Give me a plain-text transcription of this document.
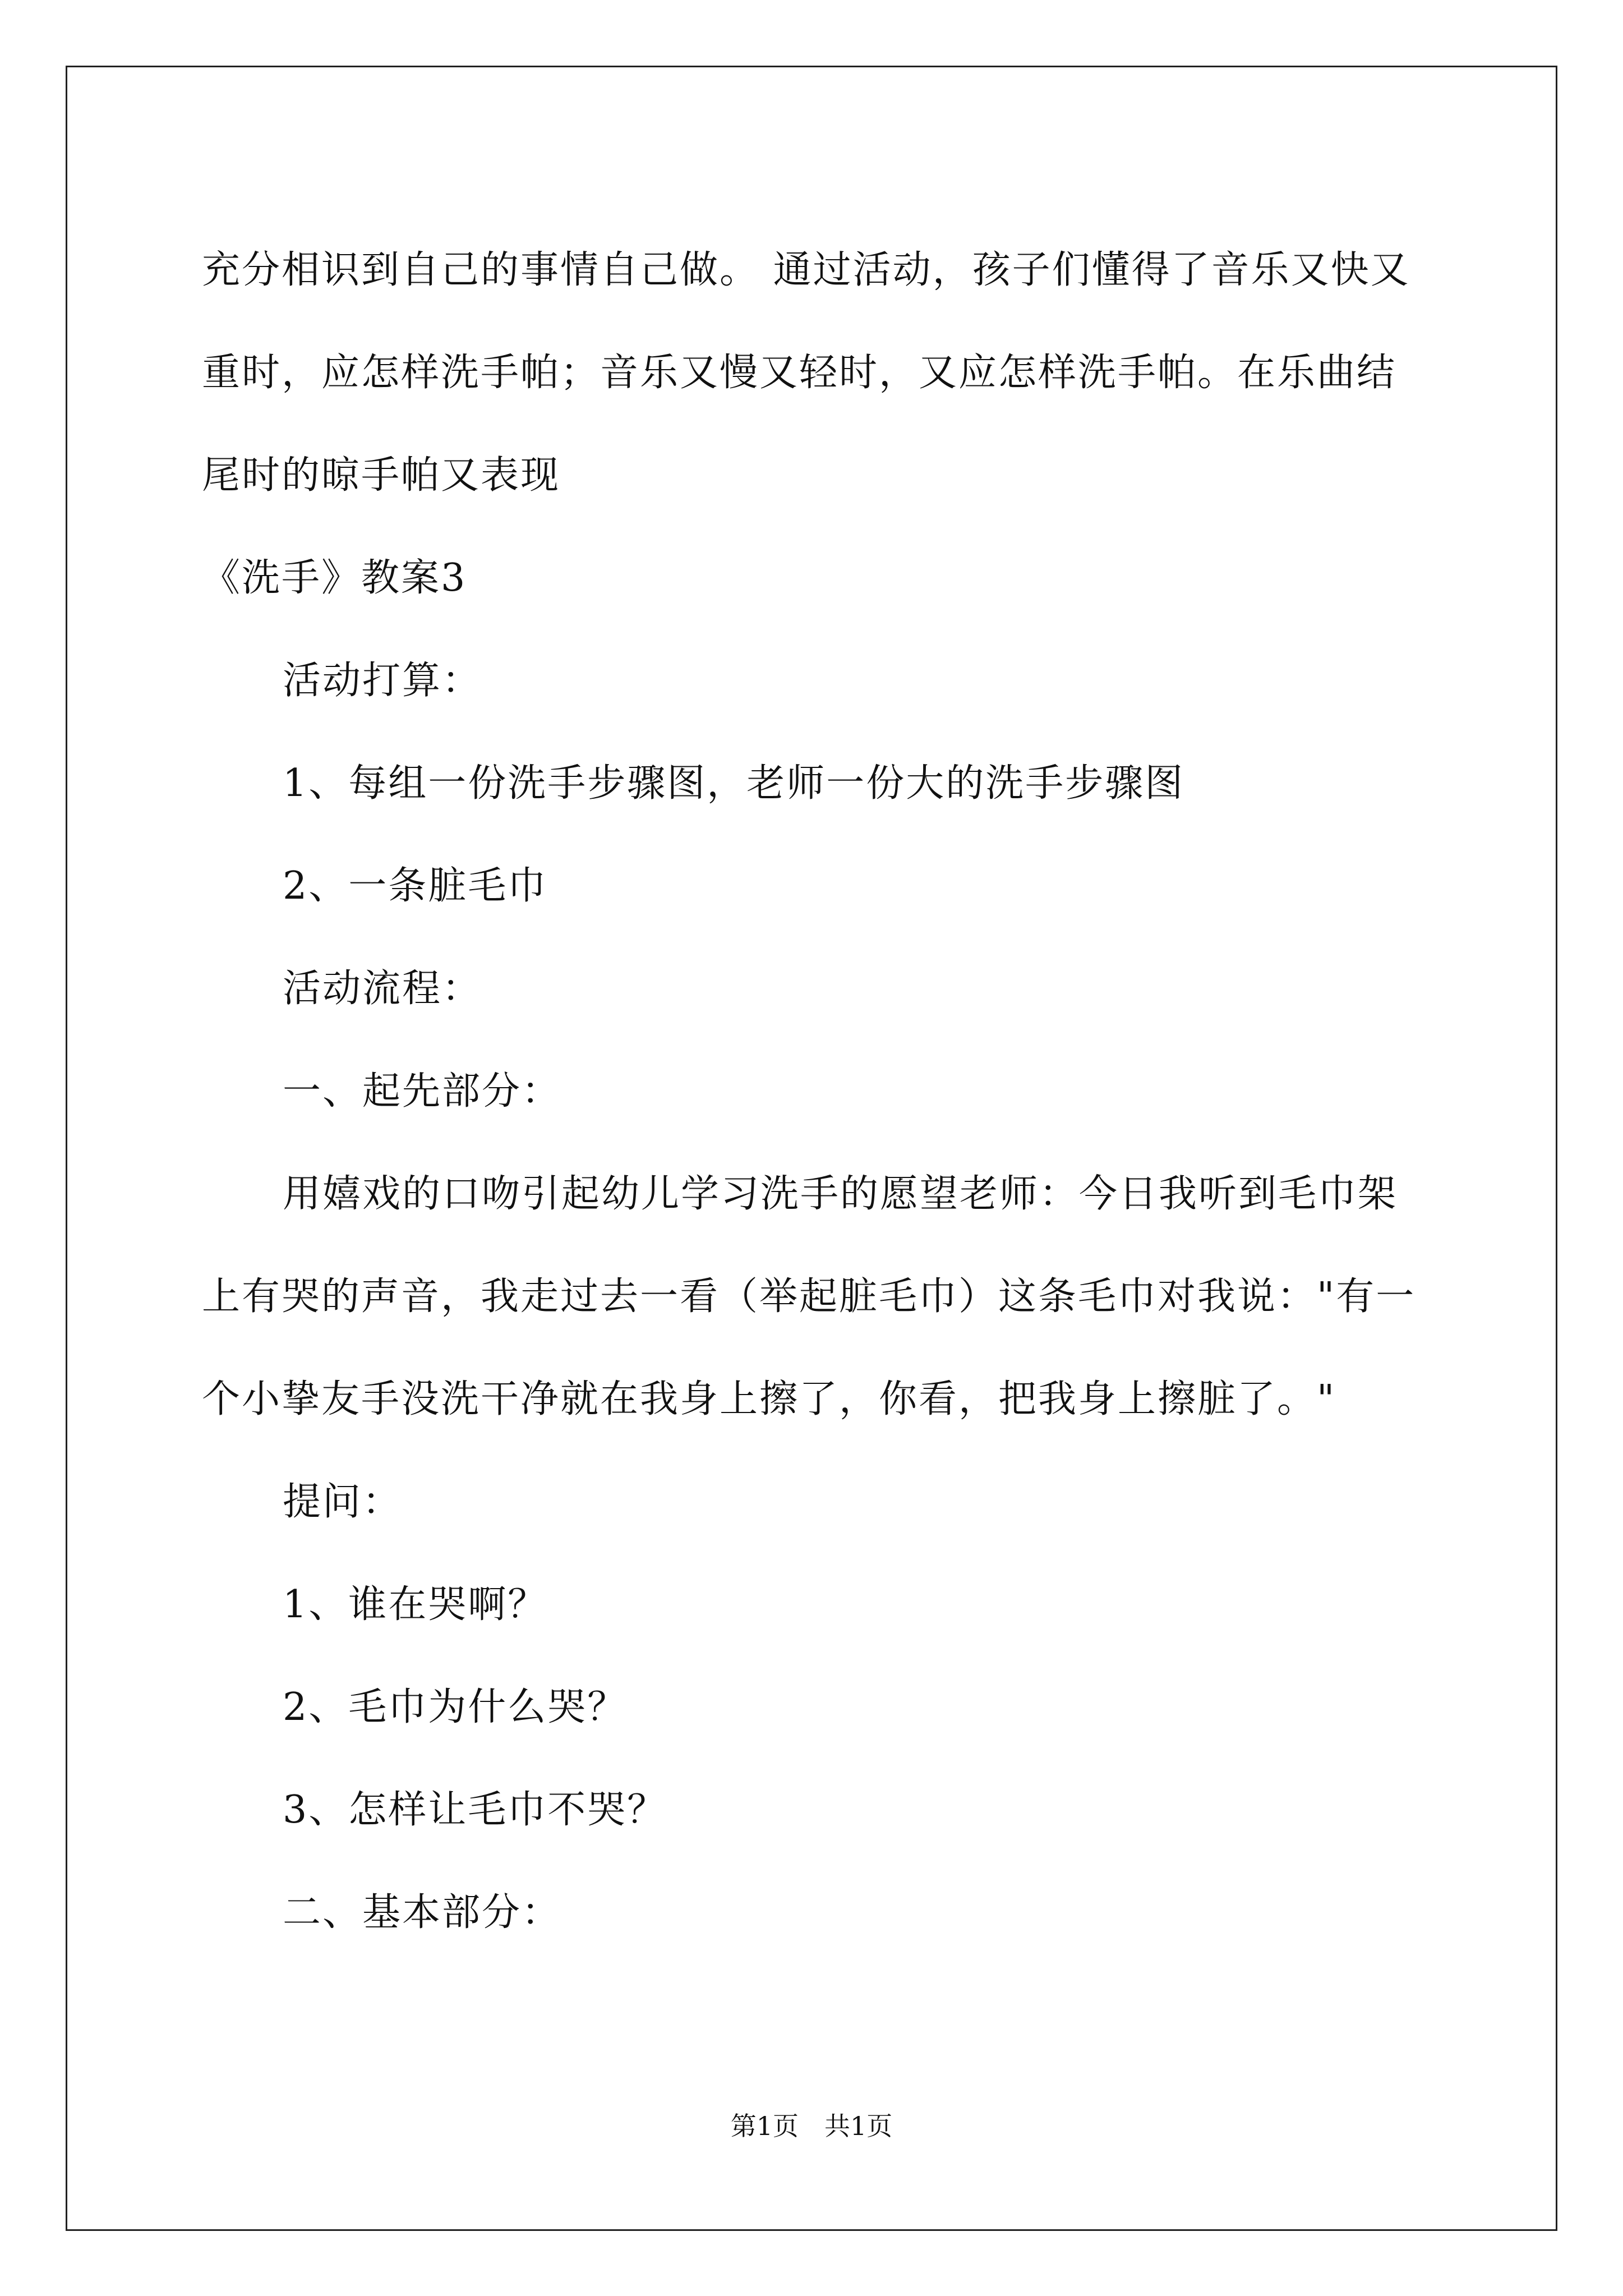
充分相识到自己的事情自己做。 通过活动，孩子们懂得了音乐又快又
重时，应怎样洗手帕；音乐又慢又轻时，又应怎样洗手帕。在乐曲结
尾时的晾手帕又表现
《洗手》教案3
活动打算：
1、每组一份洗手步骤图，老师一份大的洗手步骤图
2、一条脏毛巾
活动流程：
一、起先部分：
用嬉戏的口吻引起幼儿学习洗手的愿望老师：今日我听到毛巾架
上有哭的声音，我走过去一看（举起脏毛巾）这条毛巾对我说："有一
个小挚友手没洗干净就在我身上擦了，你看，把我身上擦脏了。"
提问：
1、谁在哭啊？
2、毛巾为什么哭？
3、怎样让毛巾不哭？
二、基本部分：
第1页　共1页
